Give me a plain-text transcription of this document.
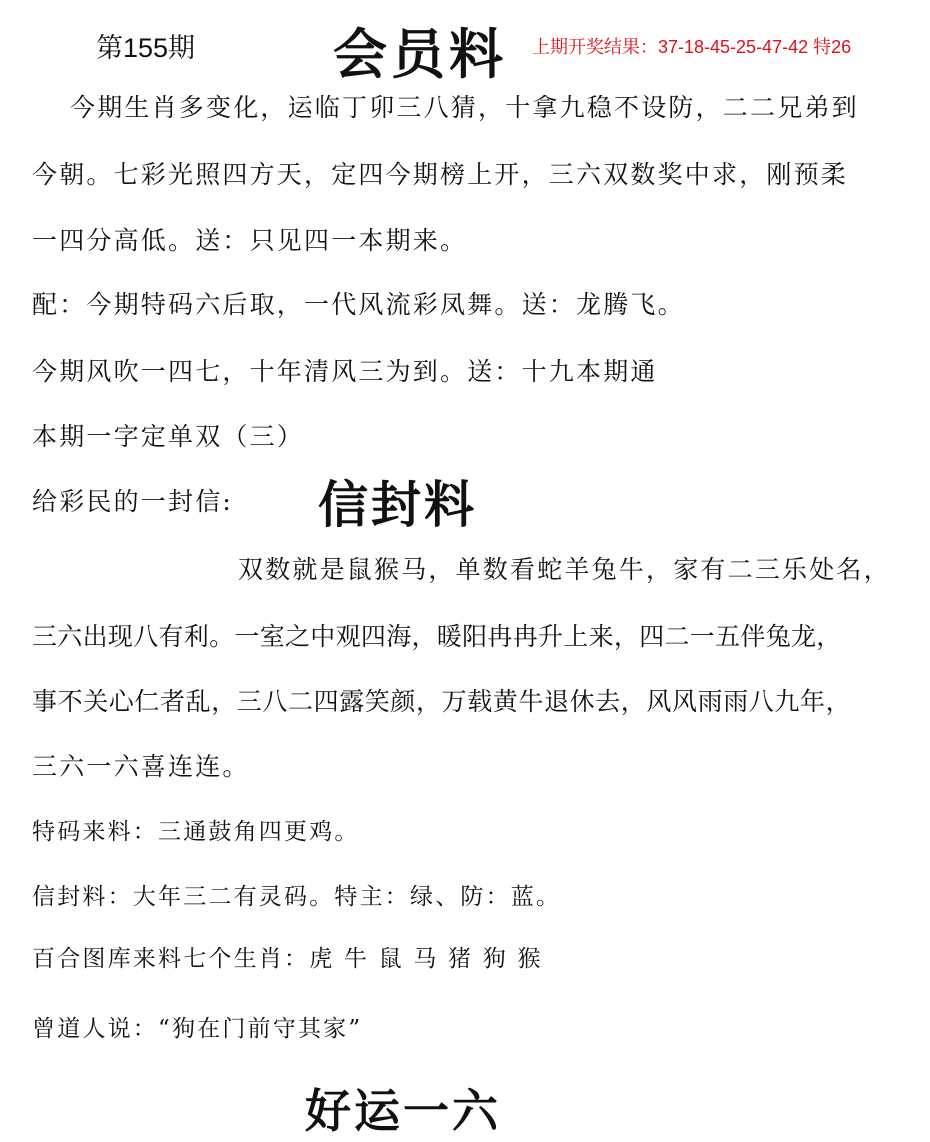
第155期	会员料 上期开奖结果：37-18-45-25-47-42 特26
今期生肖多变化，运临丁卯三八猜，十拿九稳不设防，二二兄弟到
今朝。七彩光照四方天，定四今期榜上开，三六双数奖中求，刚预柔
一四分高低。送：只见四一本期来。
配：今期特码六后取，一代风流彩凤舞。送：龙腾飞。
今期风吹一四七，十年清风三为到。送：十九本期通
本期一字定单双（三）
给彩民的一封信: 信封料
双数就是鼠猴马，单数看蛇羊兔牛，家有二三乐处名，
三六出现八有利。一室之中观四海，暖阳冉冉升上来，四二一五伴兔龙，
事不关心仁者乱，三八二四露笑颜，万载黄牛退休去，风风雨雨八九年，
三六一六喜连连。
特码来料：三通鼓角四更鸡。
信封料：大年三二有灵码。特主：绿、防：蓝。
百合图库来料七个生肖：虎 牛 鼠 马 猪 狗 猴
曾道人说：“狗在门前守其家”
好运一六
